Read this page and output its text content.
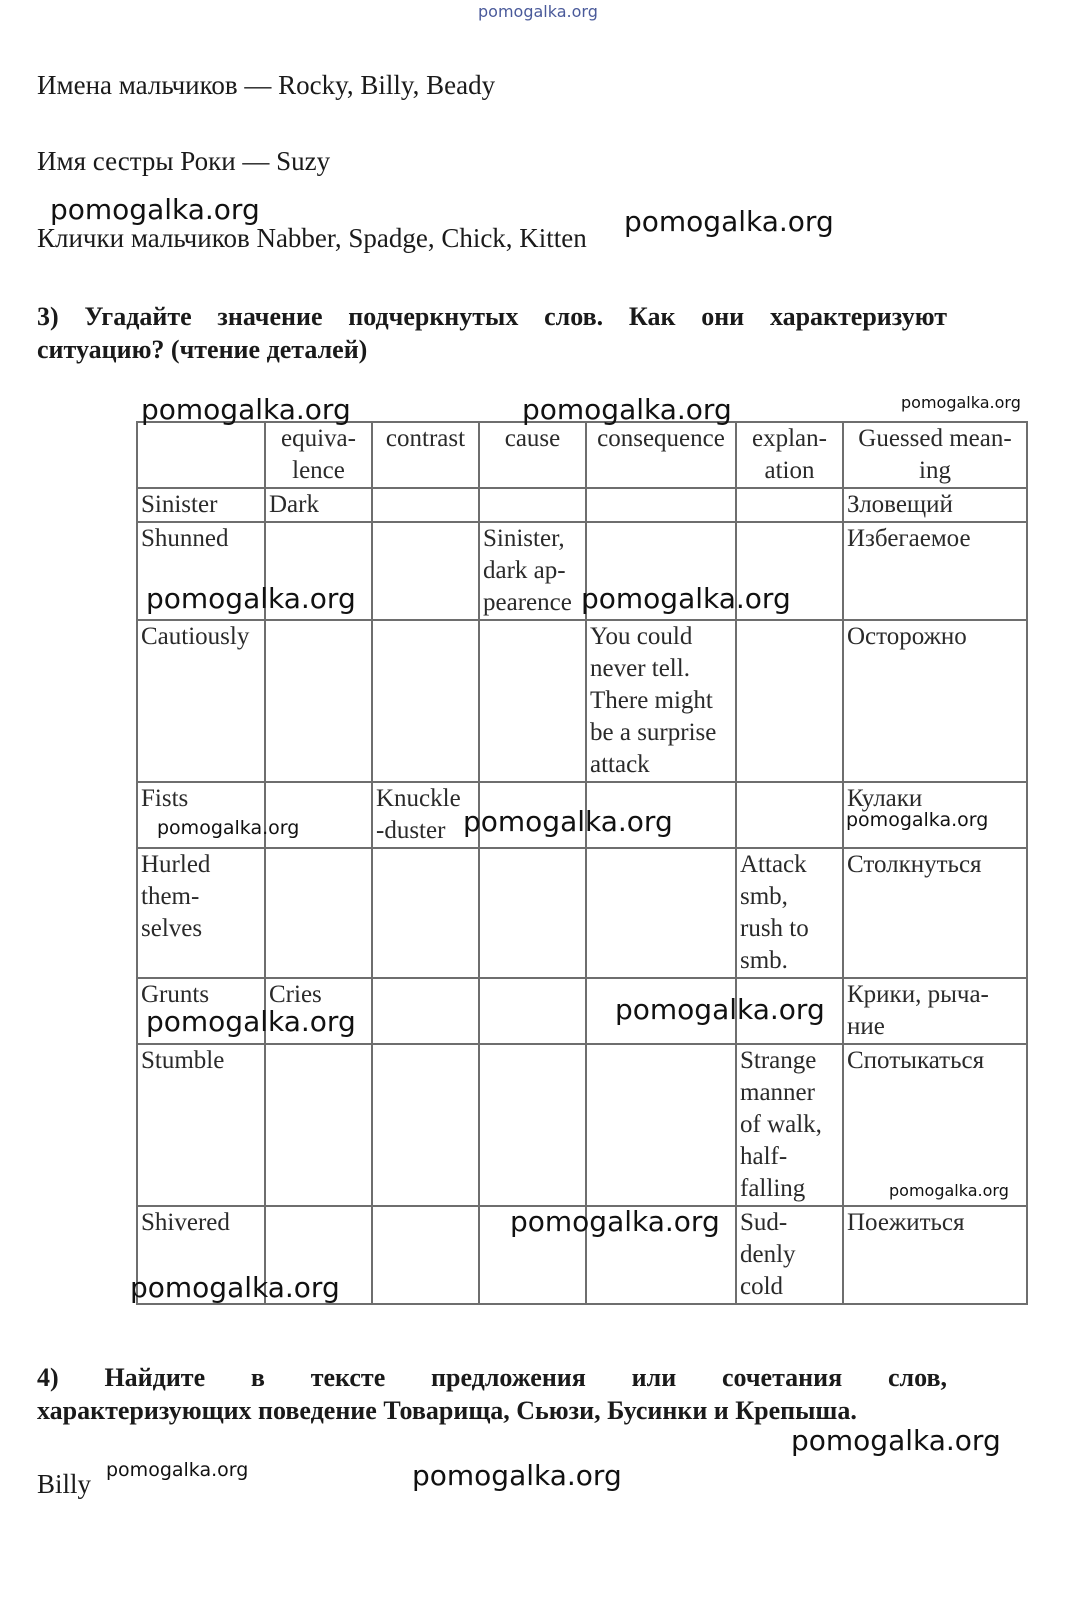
pomogalka.org
Имена мальчиков — Rocky, Billy, Beady
Имя сестры Роки — Suzy
Клички мальчиков Nabber, Spadge, Chick, Kitten
3) Угадайте значение подчеркнутых слов. Как они характеризуют
ситуацию? (чтение деталей)
	equiva-
lence	contrast	cause	consequence	explan-
ation	Guessed mean-
ing
Sinister	Dark					Зловещий
Shunned			Sinister,
dark ap-
pearence			Избегаемое
Cautiously				You could
never tell.
There might
be a surprise
attack		Осторожно
Fists		Knuckle
-duster				Кулаки
Hurled
them-
selves					Attack
smb,
rush to
smb.	Столкнуться
Grunts	Cries					Крики, рыча-
ние
Stumble					Strange
manner
of walk,
half-
falling	Спотыкаться
Shivered					Sud-
denly
cold	Поежиться
4) Найдите в тексте предложения или сочетания слов,
характеризующих поведение Товарища, Сьюзи, Бусинки и Крепыша.
Billy
pomogalka.org	pomogalka.org
pomogalka.org	pomogalka.org	pomogalka.org
pomogalka.org	pomogalka.org
pomogalka.org	pomogalka.org	pomogalka.org
pomogalka.org
pomogalka.org
pomogalka.org
pomogalka.org
pomogalka.org
pomogalka.org
pomogalka.org	pomogalka.org
